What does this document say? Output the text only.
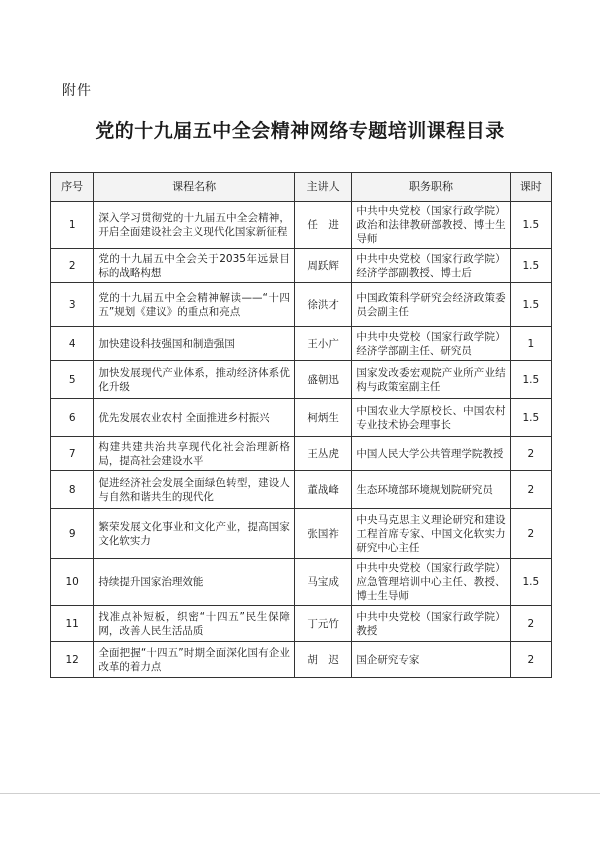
附件
党的十九届五中全会精神网络专题培训课程目录
序号	课程名称	主讲人	职务职称	课时
1	深入学习贯彻党的十九届五中全会精神，开启全面建设社会主义现代化国家新征程	任　进	中共中央党校（国家行政学院）政治和法律教研部教授、博士生导师	1.5
2	党的十九届五中全会关于2035年远景目标的战略构想	周跃辉	中共中央党校（国家行政学院）经济学部副教授、博士后	1.5
3	党的十九届五中全会精神解读——“十四五”规划《建议》的重点和亮点	徐洪才	中国政策科学研究会经济政策委员会副主任	1.5
4	加快建设科技强国和制造强国	王小广	中共中央党校（国家行政学院）经济学部副主任、研究员	1
5	加快发展现代产业体系，推动经济体系优化升级	盛朝迅	国家发改委宏观院产业所产业结构与政策室副主任	1.5
6	优先发展农业农村 全面推进乡村振兴	柯炳生	中国农业大学原校长、中国农村专业技术协会理事长	1.5
7	构建共建共治共享现代化社会治理新格局，提高社会建设水平	王丛虎	中国人民大学公共管理学院教授	2
8	促进经济社会发展全面绿色转型，建设人与自然和谐共生的现代化	董战峰	生态环境部环境规划院研究员	2
9	繁荣发展文化事业和文化产业，提高国家文化软实力	张国祚	中央马克思主义理论研究和建设工程首席专家、中国文化软实力研究中心主任	2
10	持续提升国家治理效能	马宝成	中共中央党校（国家行政学院）应急管理培训中心主任、教授、博士生导师	1.5
11	找准点补短板，织密“十四五”民生保障网，改善人民生活品质	丁元竹	中共中央党校（国家行政学院）教授	2
12	全面把握“十四五”时期全面深化国有企业改革的着力点	胡　迟	国企研究专家	2
